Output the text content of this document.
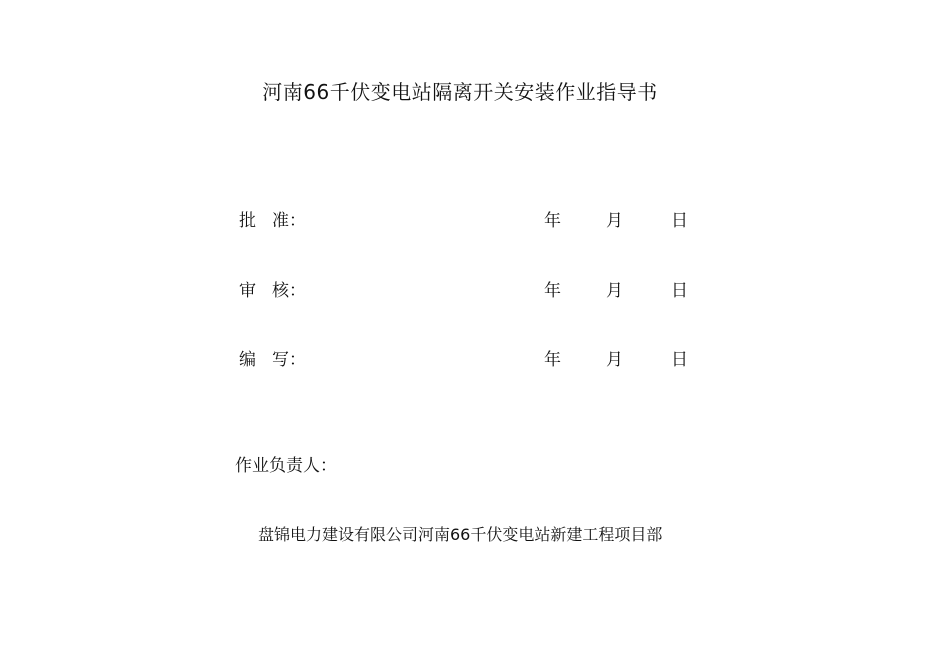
河南66千伏变电站隔离开关安装作业指导书
批 准：	年	月	日
审 核：	年	月	日
编 写：	年	月	日
作业负责人：
盘锦电力建设有限公司河南66千伏变电站新建工程项目部
